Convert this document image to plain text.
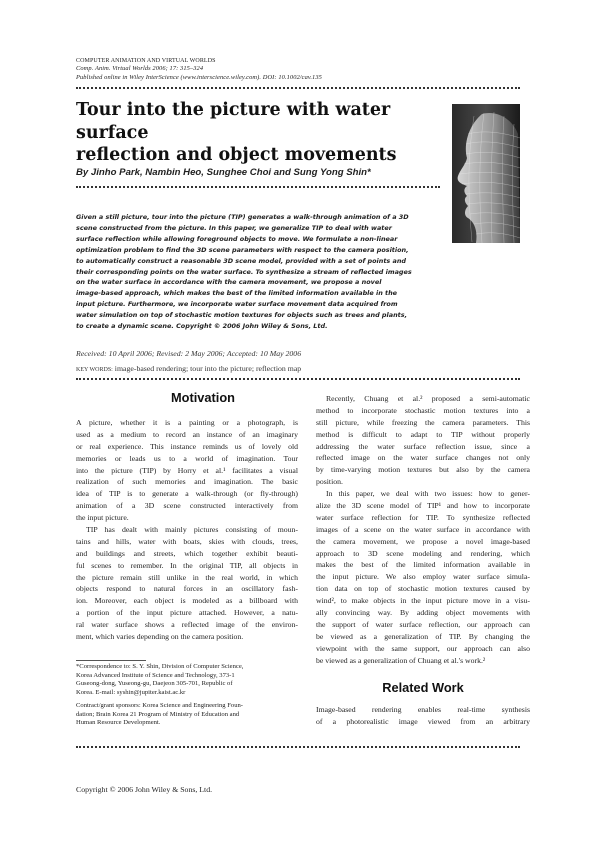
COMPUTER ANIMATION AND VIRTUAL WORLDS
Comp. Anim. Virtual Worlds 2006; 17: 315–324
Published online in Wiley InterScience (www.interscience.wiley.com). DOI: 10.1002/cav.135
Tour into the picture with water surface
reflection and object movements
By Jinho Park, Nambin Heo, Sunghee Choi and Sung Yong Shin*
Given a still picture, tour into the picture (TIP) generates a walk-through animation of a 3D
scene constructed from the picture. In this paper, we generalize TIP to deal with water
surface reflection while allowing foreground objects to move. We formulate a non-linear
optimization problem to find the 3D scene parameters with respect to the camera position,
to automatically construct a reasonable 3D scene model, provided with a set of points and
their corresponding points on the water surface. To synthesize a stream of reflected images
on the water surface in accordance with the camera movement, we propose a novel
image-based approach, which makes the best of the limited information available in the
input picture. Furthermore, we incorporate water surface movement data acquired from
water simulation on top of stochastic motion textures for objects such as trees and plants,
to create a dynamic scene. Copyright © 2006 John Wiley & Sons, Ltd.
Received: 10 April 2006; Revised: 2 May 2006; Accepted: 10 May 2006
KEY WORDS: image-based rendering; tour into the picture; reflection map
Motivation
A picture, whether it is a painting or a photograph, is
used as a medium to record an instance of an imaginary
or real experience. This instance reminds us of lovely old
memories or leads us to a world of imagination. Tour
into the picture (TIP) by Horry et al.¹ facilitates a visual
realization of such memories and imagination. The basic
idea of TIP is to generate a walk-through (or fly-through)
animation of a 3D scene constructed interactively from
the input picture.
TIP has dealt with mainly pictures consisting of moun-
tains and hills, water with boats, skies with clouds, trees,
and buildings and streets, which together exhibit beauti-
ful scenes to remember. In the original TIP, all objects in
the picture remain still unlike in the real world, in which
objects respond to natural forces in an oscillatory fash-
ion. Moreover, each object is modeled as a billboard with
a portion of the input picture attached. However, a natu-
ral water surface shows a reflected image of the environ-
ment, which varies depending on the camera position.
*Correspondence to: S. Y. Shin, Division of Computer Science,
Korea Advanced Institute of Science and Technology, 373-1
Guseong-dong, Yuseong-gu, Daejeon 305-701, Republic of
Korea. E-mail: syshin@jupiter.kaist.ac.kr
Contract/grant sponsors: Korea Science and Engineering Foun-
dation; Brain Korea 21 Program of Ministry of Education and
Human Resource Development.
Recently, Chuang et al.² proposed a semi-automatic
method to incorporate stochastic motion textures into a
still picture, while freezing the camera parameters. This
method is difficult to adapt to TIP without properly
addressing the water surface reflection issue, since a
reflected image on the water surface changes not only
by time-varying motion textures but also by the camera
position.
In this paper, we deal with two issues: how to gener-
alize the 3D scene model of TIP¹ and how to incorporate
water surface reflection for TIP. To synthesize reflected
images of a scene on the water surface in accordance with
the camera movement, we propose a novel image-based
approach to 3D scene modeling and rendering, which
makes the best of the limited information available in
the input picture. We also employ water surface simula-
tion data on top of stochastic motion textures caused by
wind², to make objects in the input picture move in a visu-
ally convincing way. By adding object movements with
the support of water surface reflection, our approach can
be viewed as a generalization of TIP. By changing the
viewpoint with the same support, our approach can also
be viewed as a generalization of Chuang et al.'s work.²
Related Work
Image-based rendering enables real-time synthesis
of a photorealistic image viewed from an arbitrary
Copyright © 2006 John Wiley & Sons, Ltd.
